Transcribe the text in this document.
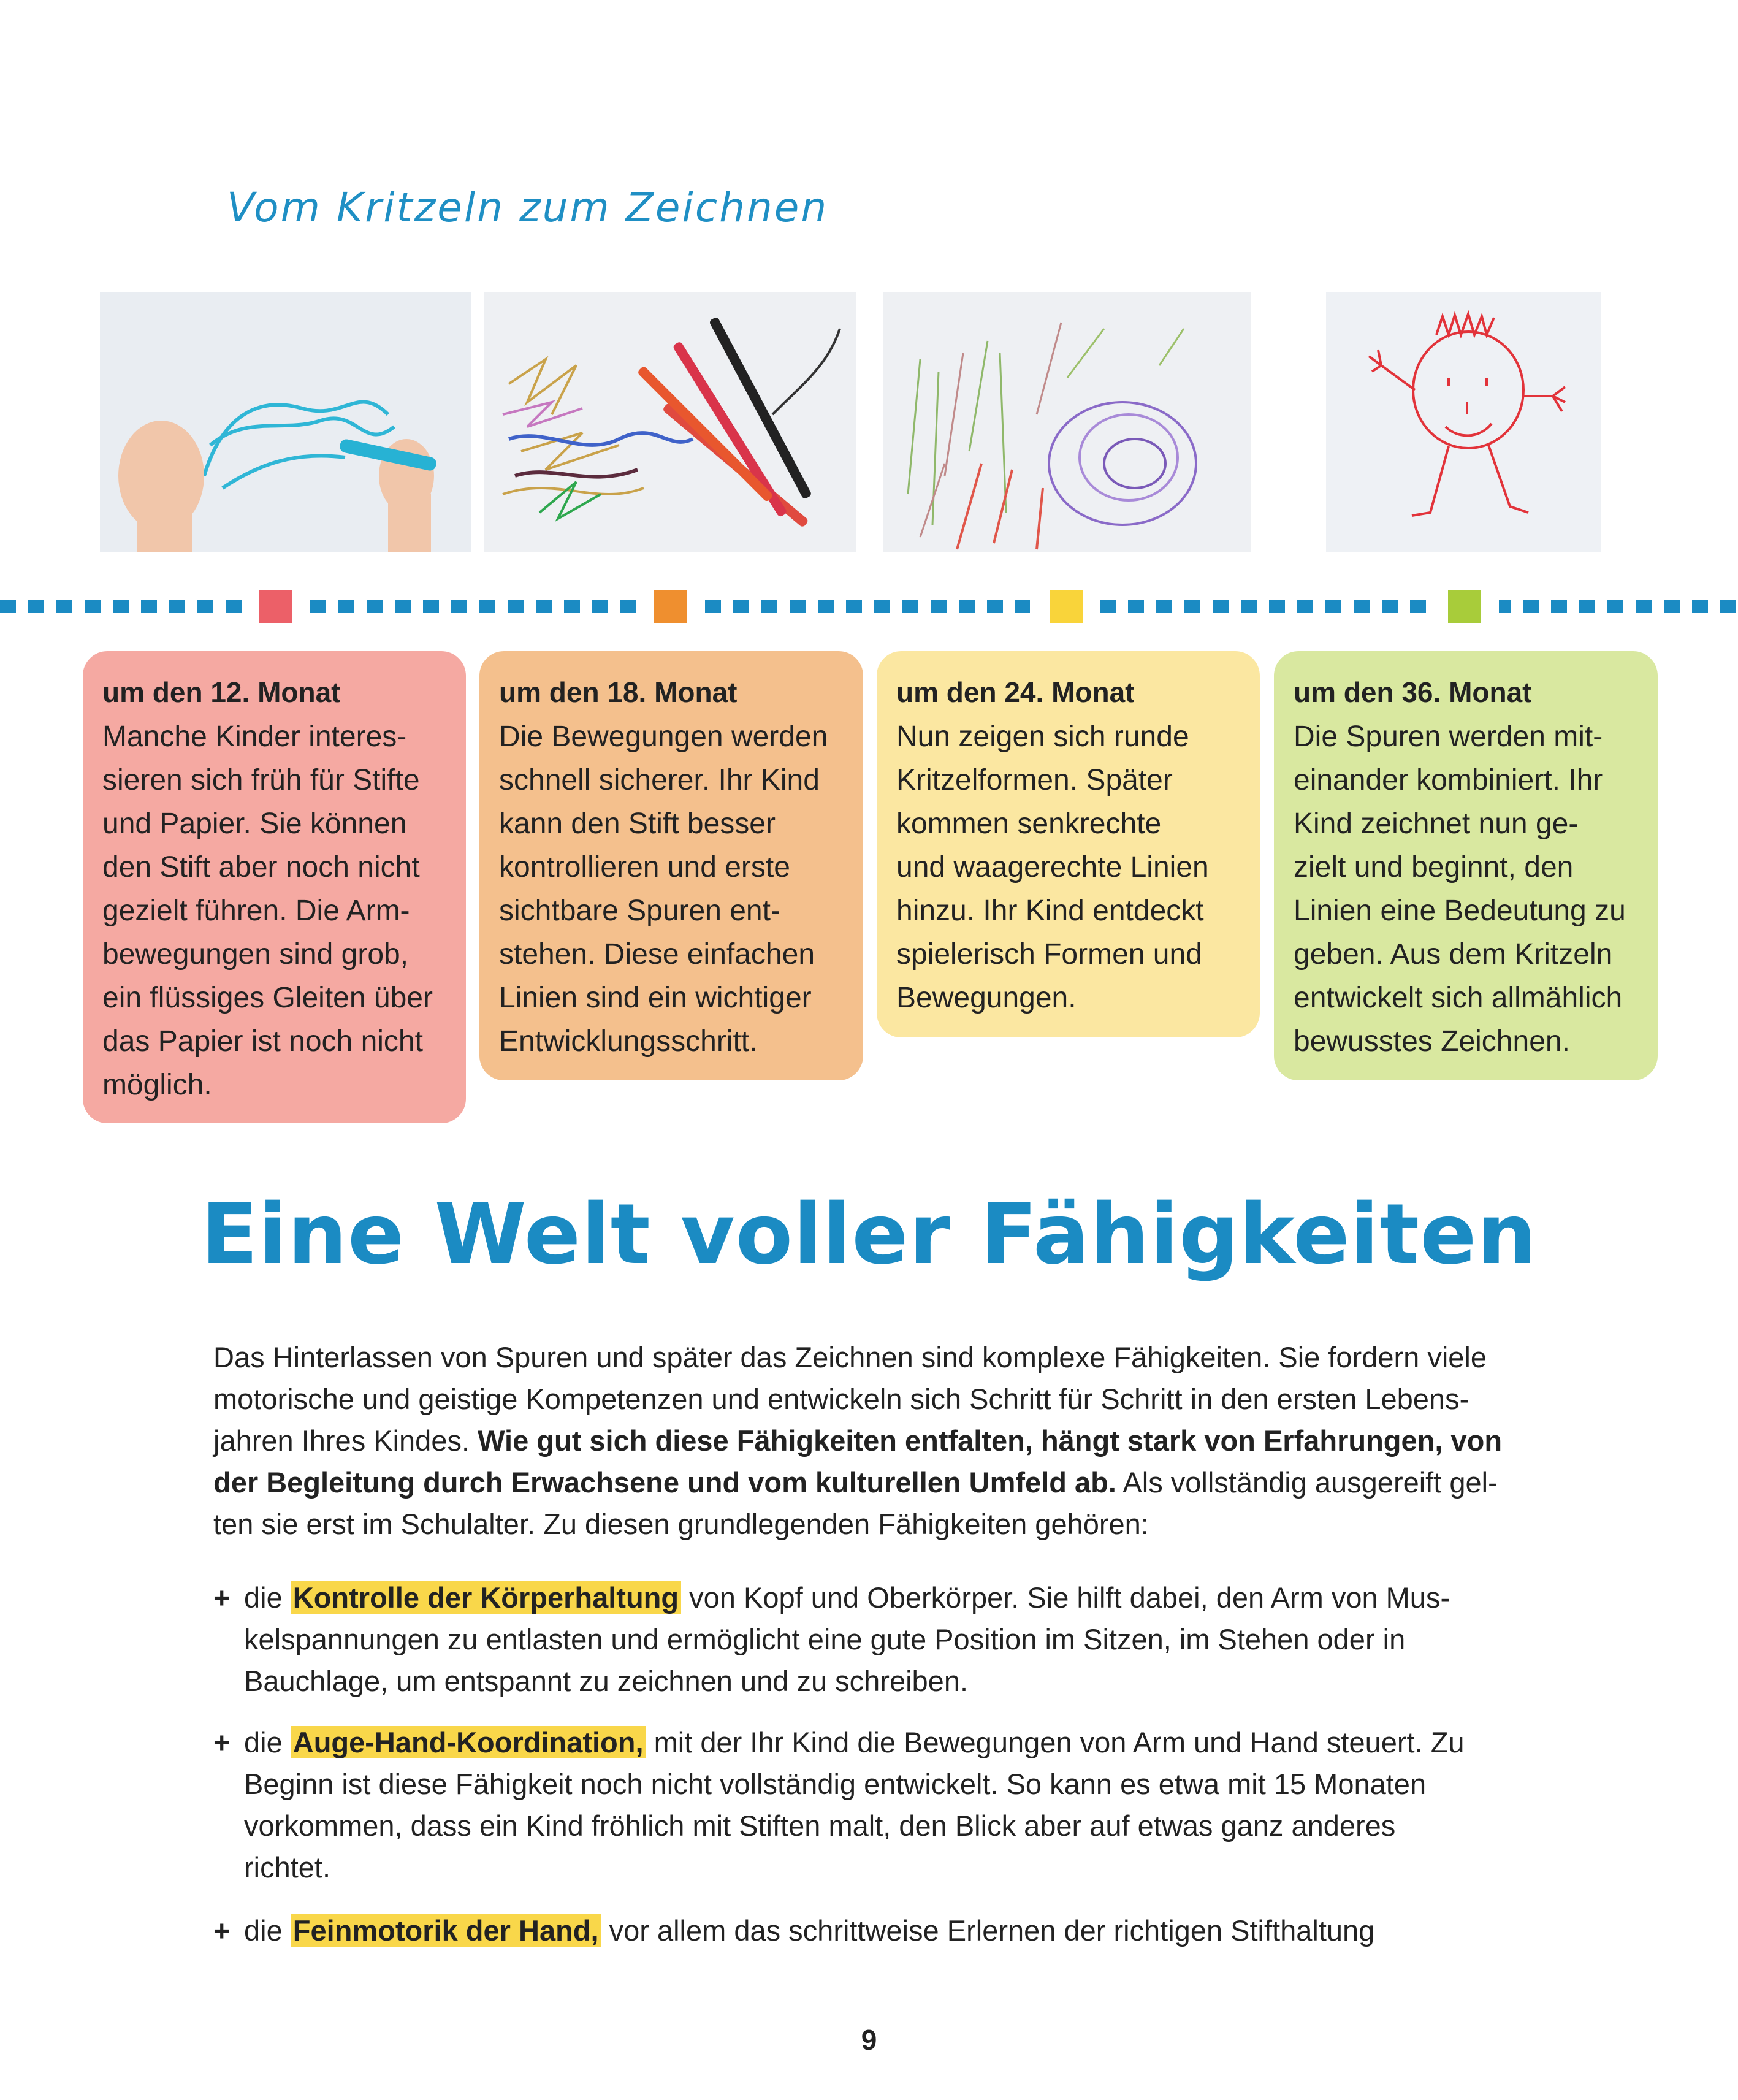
Vom Kritzeln zum Zeichnen
um den 12. Monat
Manche Kinder interes-
sieren sich früh für Stifte
und Papier. Sie können
den Stift aber noch nicht
gezielt führen. Die Arm-
bewegungen sind grob,
ein flüssiges Gleiten über
das Papier ist noch nicht
möglich.
um den 18. Monat
Die Bewegungen werden
schnell sicherer. Ihr Kind
kann den Stift besser
kontrollieren und erste
sichtbare Spuren ent-
stehen. Diese einfachen
Linien sind ein wichtiger
Entwicklungsschritt.
um den 24. Monat
Nun zeigen sich runde
Kritzelformen. Später
kommen senkrechte
und waagerechte Linien
hinzu. Ihr Kind entdeckt
spielerisch Formen und
Bewegungen.
um den 36. Monat
Die Spuren werden mit-
einander kombiniert. Ihr
Kind zeichnet nun ge-
zielt und beginnt, den
Linien eine Bedeutung zu
geben. Aus dem Kritzeln
entwickelt sich allmählich
bewusstes Zeichnen.
Eine Welt voller Fähigkeiten
Das Hinterlassen von Spuren und später das Zeichnen sind komplexe Fähigkeiten. Sie fordern viele
motorische und geistige Kompetenzen und entwickeln sich Schritt für Schritt in den ersten Lebens-
jahren Ihres Kindes. Wie gut sich diese Fähigkeiten entfalten, hängt stark von Erfahrungen, von
der Begleitung durch Erwachsene und vom kulturellen Umfeld ab. Als vollständig ausgereift gel-
ten sie erst im Schulalter. Zu diesen grundlegenden Fähigkeiten gehören:
+ die Kontrolle der Körperhaltung von Kopf und Oberkörper. Sie hilft dabei, den Arm von Mus-
kelspannungen zu entlasten und ermöglicht eine gute Position im Sitzen, im Stehen oder in
Bauchlage, um entspannt zu zeichnen und zu schreiben.
+ die Auge-Hand-Koordination, mit der Ihr Kind die Bewegungen von Arm und Hand steuert. Zu
Beginn ist diese Fähigkeit noch nicht vollständig entwickelt. So kann es etwa mit 15 Monaten
vorkommen, dass ein Kind fröhlich mit Stiften malt, den Blick aber auf etwas ganz anderes
richtet.
+ die Feinmotorik der Hand, vor allem das schrittweise Erlernen der richtigen Stifthaltung
9
